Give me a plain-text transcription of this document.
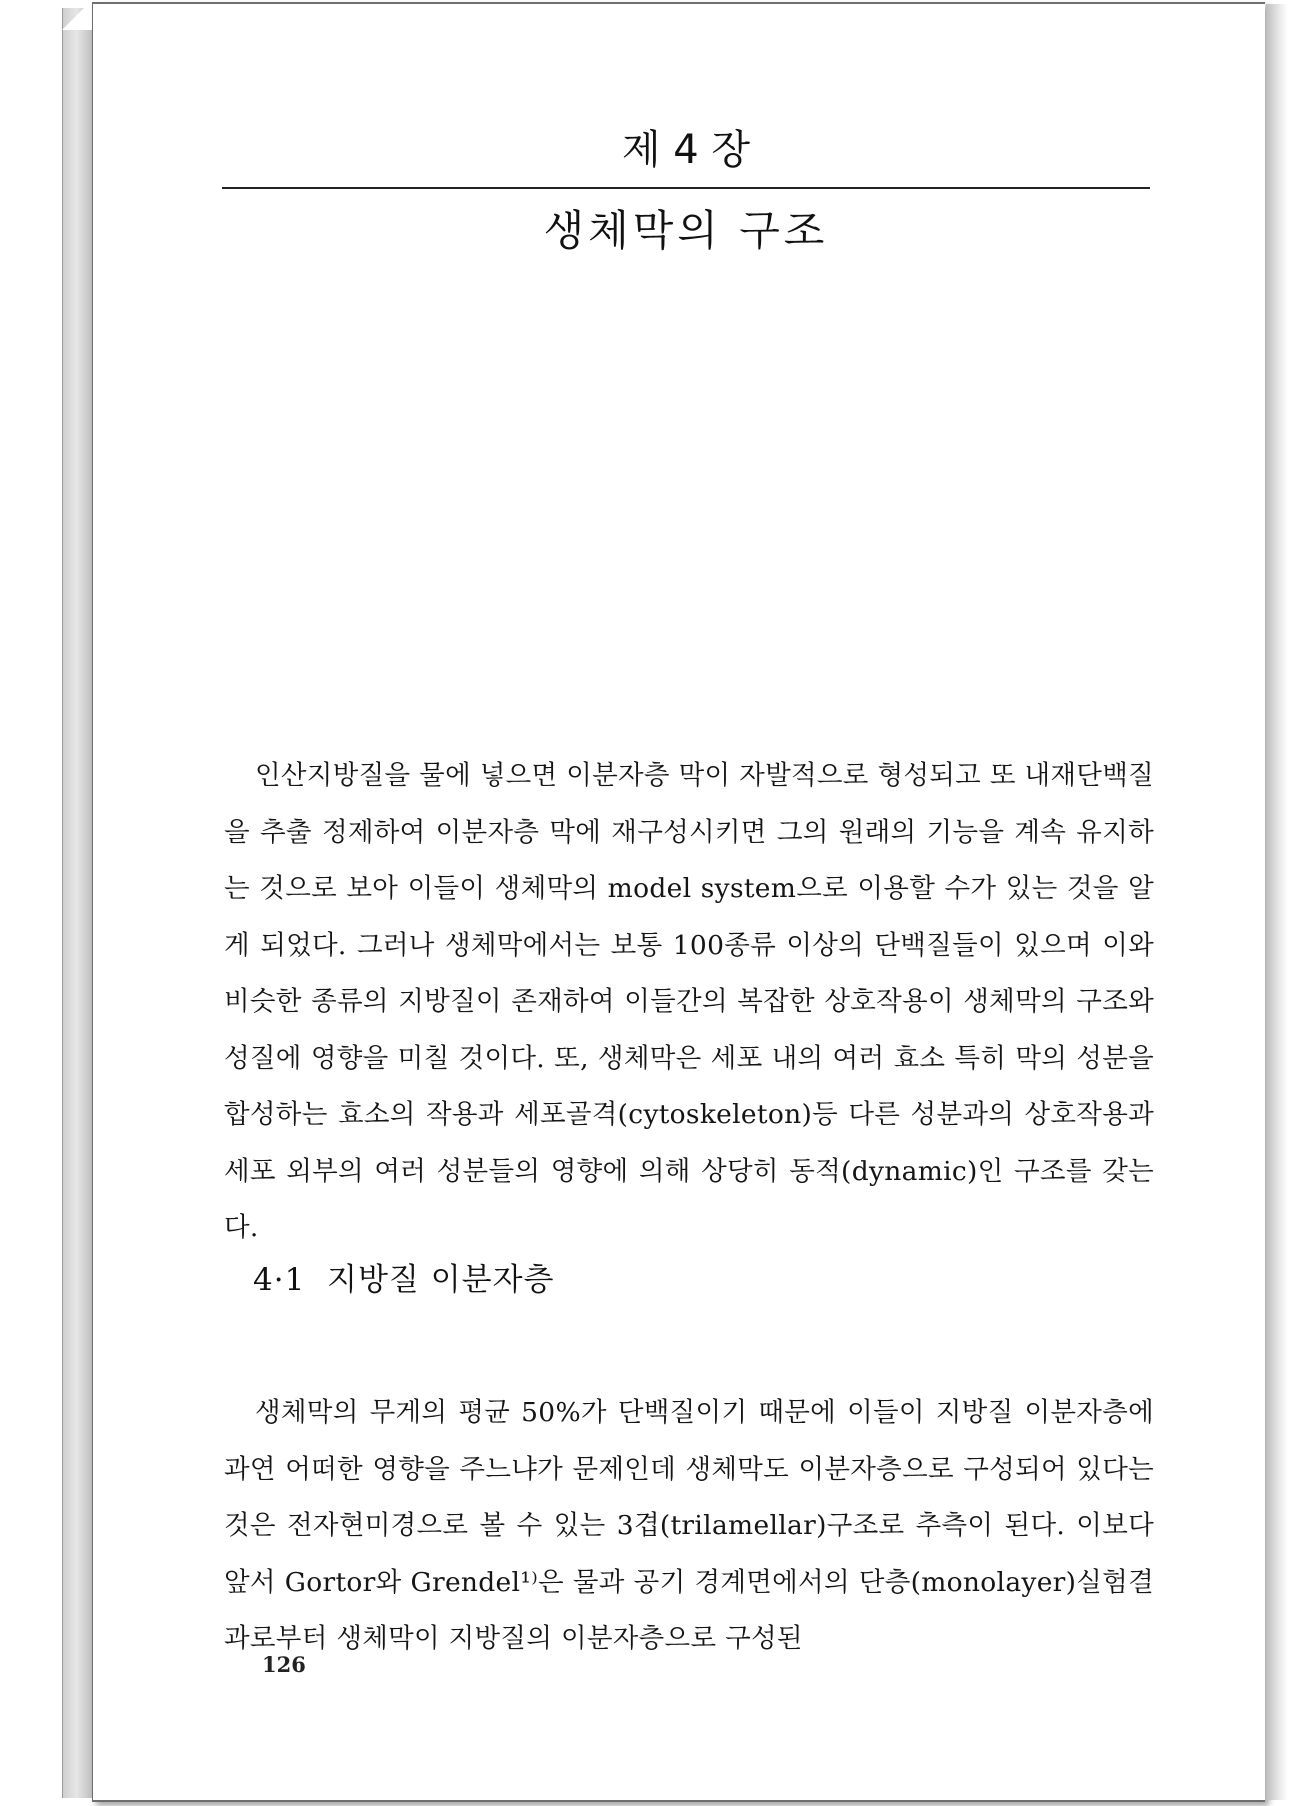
제 4 장
생체막의 구조

인산지방질을 물에 넣으면 이분자층 막이 자발적으로 형성되고 또 내재단백질을 추출 정제하여 이분자층 막에 재구성시키면 그의 원래의 기능을 계속 유지하는 것으로 보아 이들이 생체막의 model system으로 이용할 수가 있는 것을 알게 되었다. 그러나 생체막에서는 보통 100종류 이상의 단백질들이 있으며 이와 비슷한 종류의 지방질이 존재하여 이들간의 복잡한 상호작용이 생체막의 구조와 성질에 영향을 미칠 것이다. 또, 생체막은 세포 내의 여러 효소 특히 막의 성분을 합성하는 효소의 작용과 세포골격(cytoskeleton)등 다른 성분과의 상호작용과 세포 외부의 여러 성분들의 영향에 의해 상당히 동적(dynamic)인 구조를 갖는다.

4·1  지방질 이분자층

생체막의 무게의 평균 50%가 단백질이기 때문에 이들이 지방질 이분자층에 과연 어떠한 영향을 주느냐가 문제인데 생체막도 이분자층으로 구성되어 있다는 것은 전자현미경으로 볼 수 있는 3겹(trilamellar)구조로 추측이 된다. 이보다 앞서 Gortor와 Grendel¹⁾은 물과 공기 경계면에서의 단층(monolayer)실험결과로부터 생체막이 지방질의 이분자층으로 구성된

126
